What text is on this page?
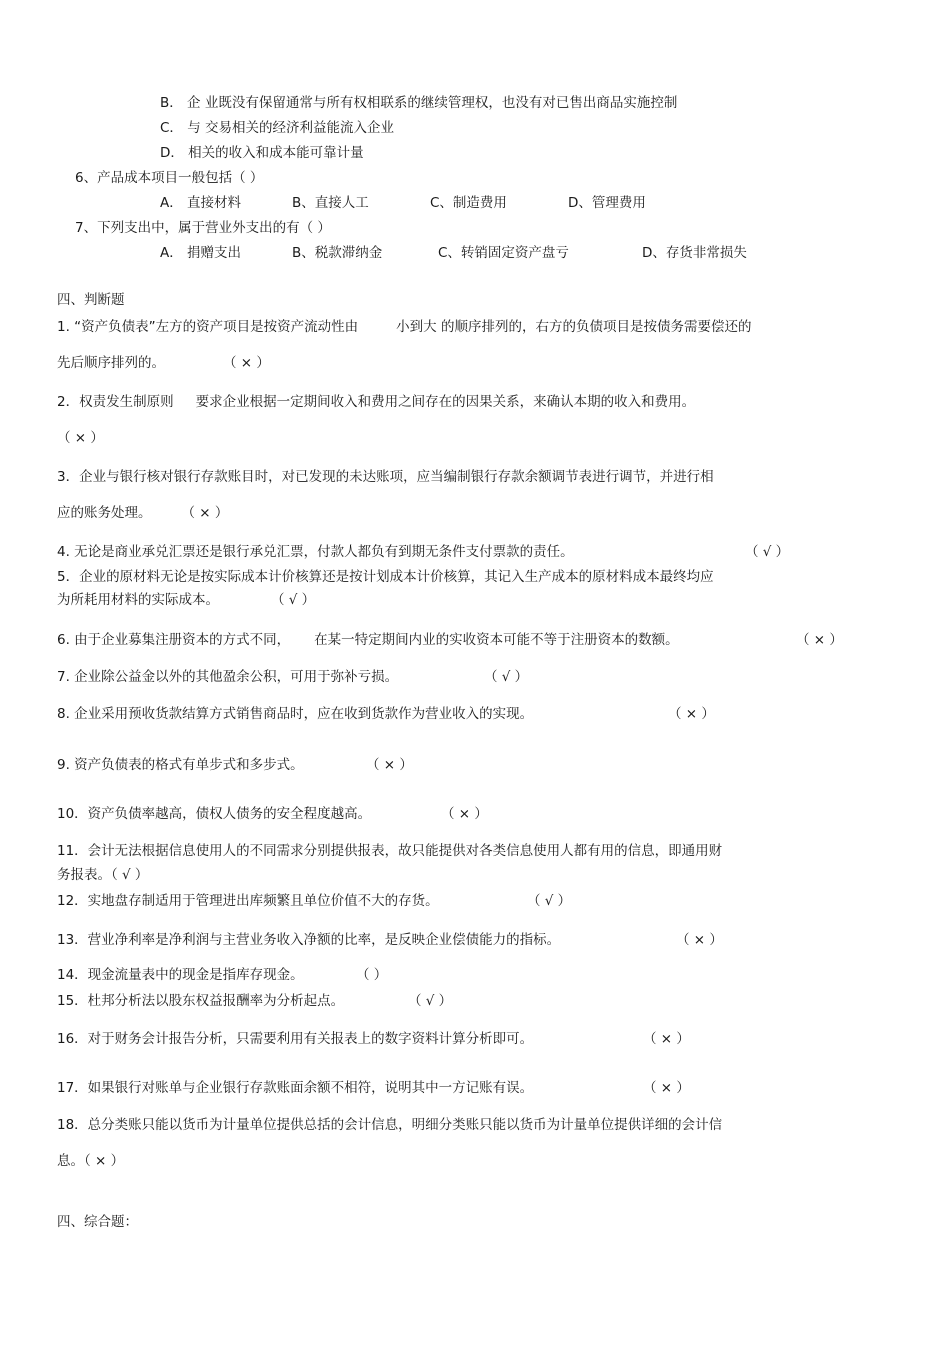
B． 企 业既没有保留通常与所有权相联系的继续管理权，也没有对已售出商品实施控制
C． 与 交易相关的经济利益能流入企业
D． 相关的收入和成本能可靠计量
6、产品成本项目一般包括（ ）
A． 直接材料	B、直接人工	C、制造费用	D、管理费用
7、下列支出中，属于营业外支出的有（ ）
A． 捐赠支出	B、税款滞纳金	C、转销固定资产盘亏	D、存货非常损失
四、判断题
1. “资产负债表”左方的资产项目是按资产流动性由	小到大 的顺序排列的，右方的负债项目是按债务需要偿还的
先后顺序排列的。	（ × ）
2．权责发生制原则 要求企业根据一定期间收入和费用之间存在的因果关系，来确认本期的收入和费用。
（ × ）
3．企业与银行核对银行存款账目时，对已发现的未达账项，应当编制银行存款余额调节表进行调节，并进行相
应的账务处理。 （ × ）
4. 无论是商业承兑汇票还是银行承兑汇票，付款人都负有到期无条件支付票款的责任。	（ √ ）
5．企业的原材料无论是按实际成本计价核算还是按计划成本计价核算，其记入生产成本的原材料成本最终均应
为所耗用材料的实际成本。	（ √ ）
6. 由于企业募集注册资本的方式不同， 在某一特定期间内业的实收资本可能不等于注册资本的数额。	（ × ）
7. 企业除公益金以外的其他盈余公积，可用于弥补亏损。	（ √ ）
8. 企业采用预收货款结算方式销售商品时，应在收到货款作为营业收入的实现。	（ × ）
9. 资产负债表的格式有单步式和多步式。	（ × ）
10．资产负债率越高，债权人债务的安全程度越高。	（ × ）
11．会计无法根据信息使用人的不同需求分别提供报表，故只能提供对各类信息使用人都有用的信息，即通用财
务报表。（ √ ）
12．实地盘存制适用于管理进出库频繁且单位价值不大的存货。	（ √ ）
13．营业净利率是净利润与主营业务收入净额的比率，是反映企业偿债能力的指标。	（ × ）
14．现金流量表中的现金是指库存现金。	（ ）
15．杜邦分析法以股东权益报酬率为分析起点。	（ √ ）
16．对于财务会计报告分析，只需要利用有关报表上的数字资料计算分析即可。	（ × ）
17．如果银行对账单与企业银行存款账面余额不相符，说明其中一方记账有误。	（ × ）
18．总分类账只能以货币为计量单位提供总括的会计信息，明细分类账只能以货币为计量单位提供详细的会计信
息。（ × ）
四、综合题：
